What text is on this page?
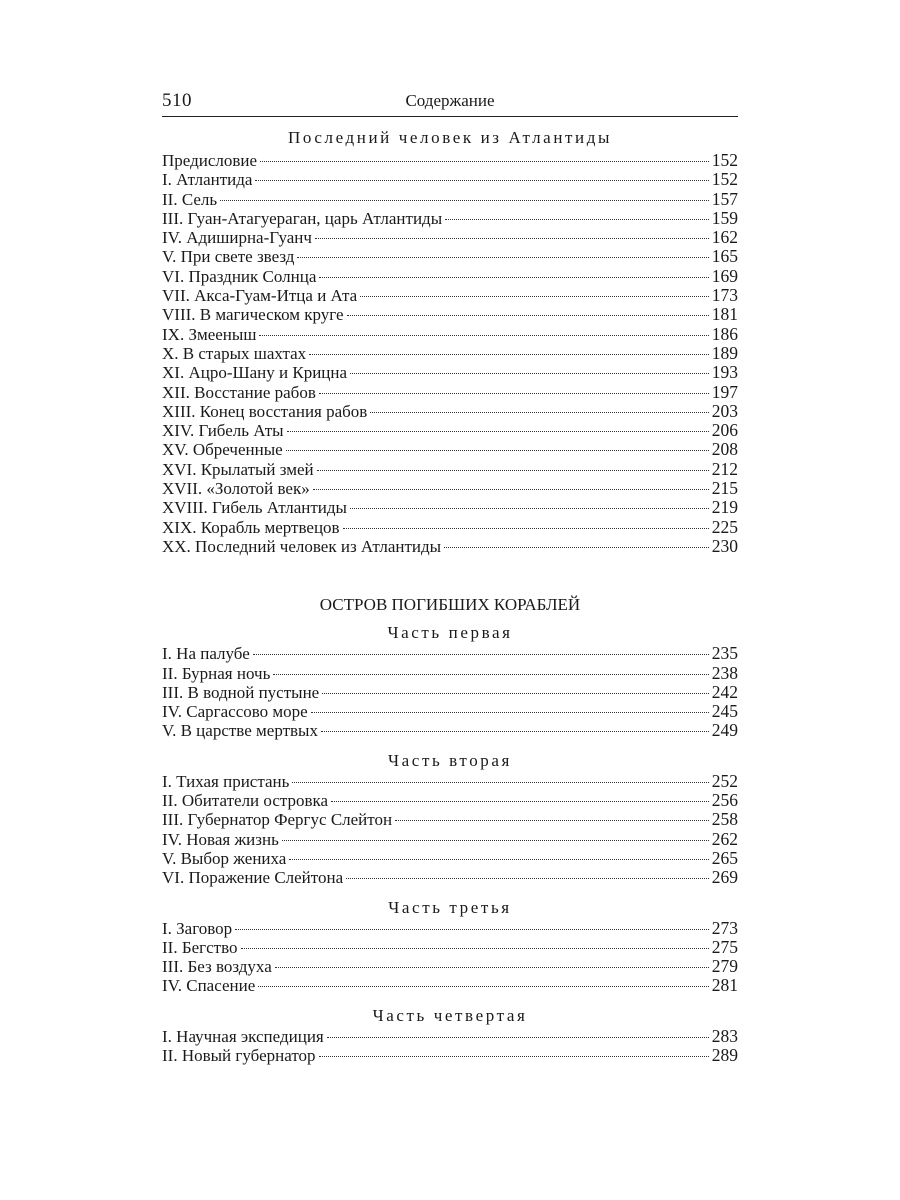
510	Содержание
Последний человек из Атлантиды
Предисловие	152
I. Атлантида	152
II. Сель	157
III. Гуан-Атагуераган, царь Атлантиды	159
IV. Адиширна-Гуанч	162
V. При свете звезд	165
VI. Праздник Солнца	169
VII. Акса-Гуам-Итца и Ата	173
VIII. В магическом круге	181
IX. Змееныш	186
X. В старых шахтах	189
XI. Ацро-Шану и Крицна	193
XII. Восстание рабов	197
XIII. Конец восстания рабов	203
XIV. Гибель Аты	206
XV. Обреченные	208
XVI. Крылатый змей	212
XVII. «Золотой век»	215
XVIII. Гибель Атлантиды	219
XIX. Корабль мертвецов	225
XX. Последний человек из Атлантиды	230
ОСТРОВ ПОГИБШИХ КОРАБЛЕЙ
Часть первая
I. На палубе	235
II. Бурная ночь	238
III. В водной пустыне	242
IV. Саргассово море	245
V. В царстве мертвых	249
Часть вторая
I. Тихая пристань	252
II. Обитатели островка	256
III. Губернатор Фергус Слейтон	258
IV. Новая жизнь	262
V. Выбор жениха	265
VI. Поражение Слейтона	269
Часть третья
I. Заговор	273
II. Бегство	275
III. Без воздуха	279
IV. Спасение	281
Часть четвертая
I. Научная экспедиция	283
II. Новый губернатор	289
